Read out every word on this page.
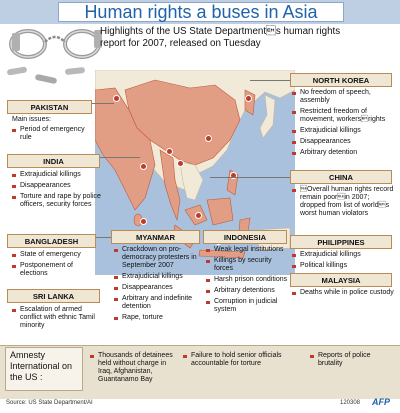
Human rights a buses in Asia
Highlights of the US State Departments human rights report for 2007, released on Tuesday
PAKISTAN
Main issues:
Period of emergency rule
INDIA
Extrajudicial killings
Disappearances
Torture and rape by police officers, security forces
BANGLADESH
State of emergency
Postponement of elections
SRI LANKA
Escalation of armed conflict with ethnic Tamil minority
MYANMAR
Crackdown on pro-democracy protesters in September 2007
Extrajudicial killings
Disappearances
Arbitrary and indefinite detention
Rape, torture
INDONESIA
Weak legal institutions
Killings by security forces
Harsh prison conditions
Arbitrary detentions
Corruption in judicial system
NORTH KOREA
No freedom of speech, assembly
Restricted freedom of movement, workersrights
Extrajudicial killings
Disappearances
Arbitrary detention
CHINA
Overall human rights record remain poorin 2007; dropped from list of worlds worst human violators
PHILIPPINES
Extrajudicial killings
Political killings
MALAYSIA
Deaths while in police custody
Amnesty International on the US :
Thousands of detainees held without charge in Iraq, Afghanistan, Guantanamo Bay
Failure to hold senior officials accountable for torture
Reports of police brutality
Source: US State Department/AI	120308 AFP
